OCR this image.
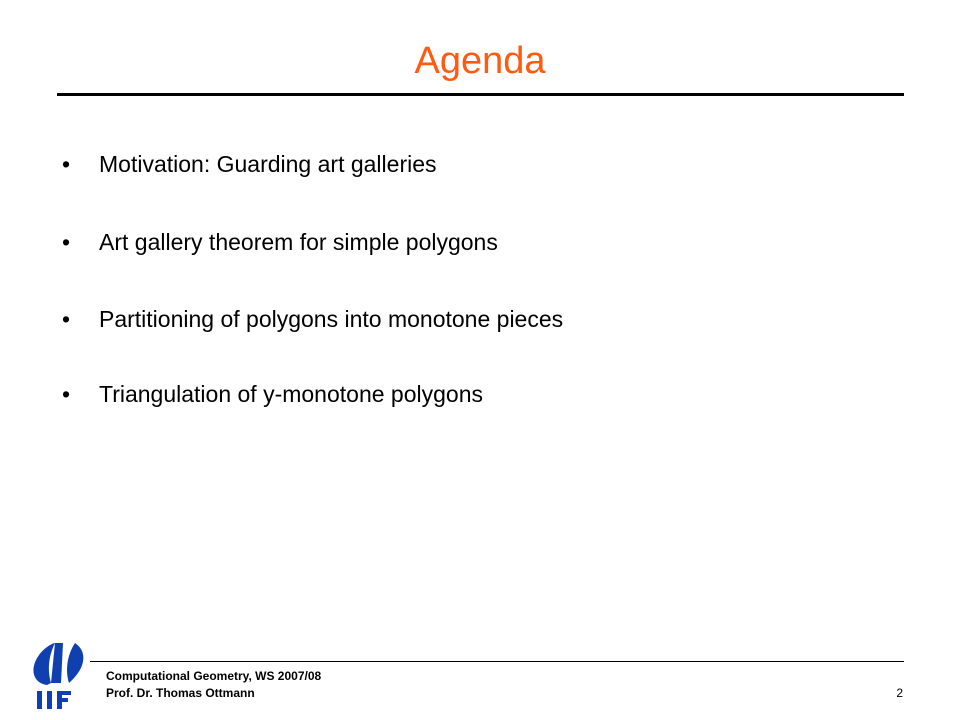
Agenda
•	Motivation: Guarding art galleries
•	Art gallery theorem for simple polygons
•	Partitioning of polygons into monotone pieces
•	Triangulation of y-monotone polygons
Computational Geometry, WS 2007/08
Prof. Dr. Thomas Ottmann	2
